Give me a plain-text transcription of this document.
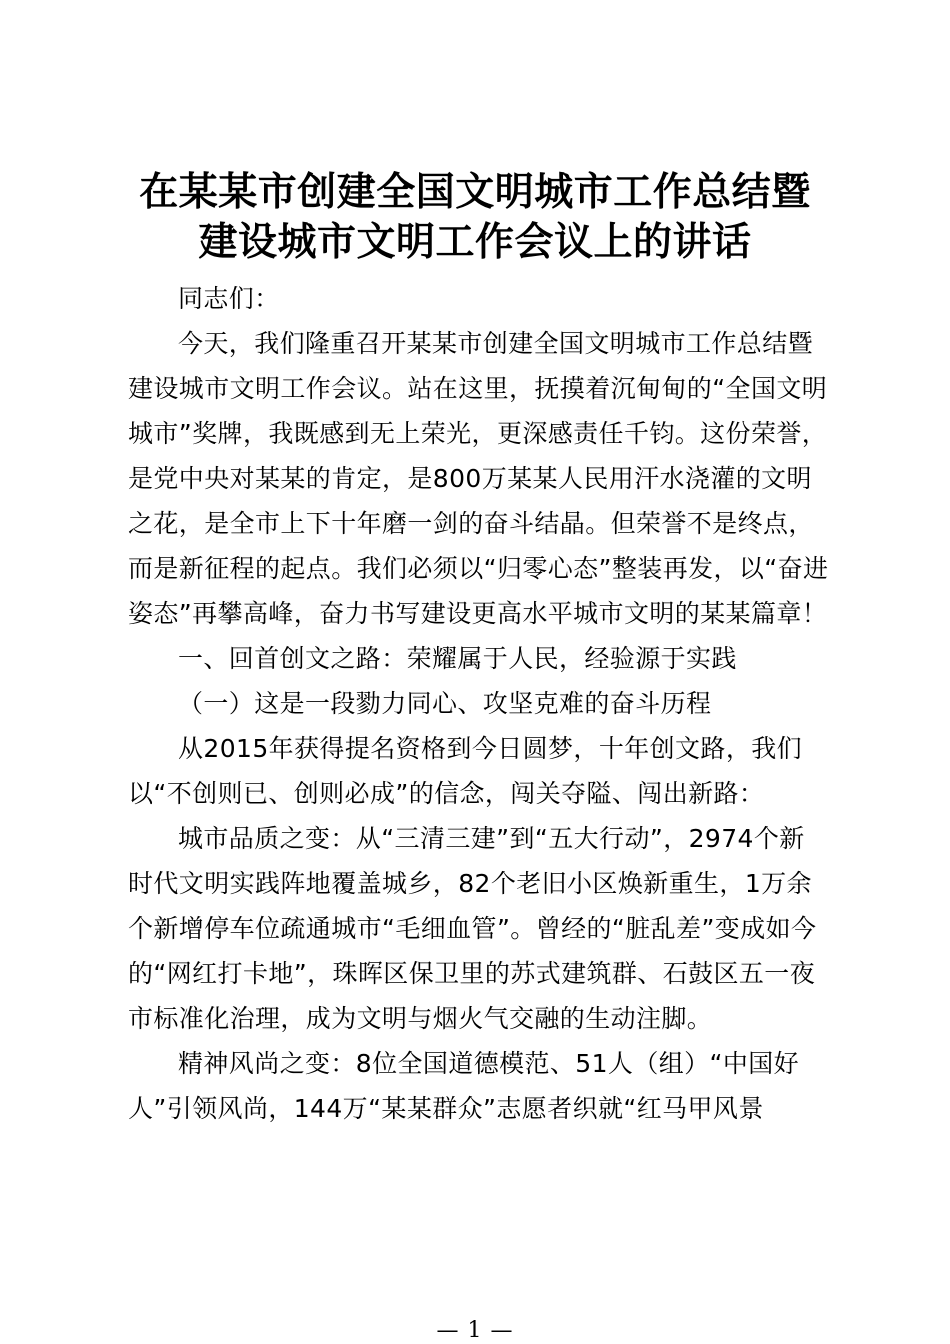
在某某市创建全国文明城市工作总结暨
建设城市文明工作会议上的讲话
同志们：
今天，我们隆重召开某某市创建全国文明城市工作总结暨
建设城市文明工作会议。站在这里，抚摸着沉甸甸的“全国文明
城市”奖牌，我既感到无上荣光，更深感责任千钧。这份荣誉，
是党中央对某某的肯定，是800万某某人民用汗水浇灌的文明
之花，是全市上下十年磨一剑的奋斗结晶。但荣誉不是终点，
而是新征程的起点。我们必须以“归零心态”整装再发，以“奋进
姿态”再攀高峰，奋力书写建设更高水平城市文明的某某篇章！
一、回首创文之路：荣耀属于人民，经验源于实践
（一）这是一段勠力同心、攻坚克难的奋斗历程
从2015年获得提名资格到今日圆梦，十年创文路，我们
以“不创则已、创则必成”的信念，闯关夺隘、闯出新路：
城市品质之变：从“三清三建”到“五大行动”，2974个新
时代文明实践阵地覆盖城乡，82个老旧小区焕新重生，1万余
个新增停车位疏通城市“毛细血管”。曾经的“脏乱差”变成如今
的“网红打卡地”，珠晖区保卫里的苏式建筑群、石鼓区五一夜
市标准化治理，成为文明与烟火气交融的生动注脚。
精神风尚之变：8位全国道德模范、51人（组）“中国好
人”引领风尚，144万“某某群众”志愿者织就“红马甲风景
— 1 —
